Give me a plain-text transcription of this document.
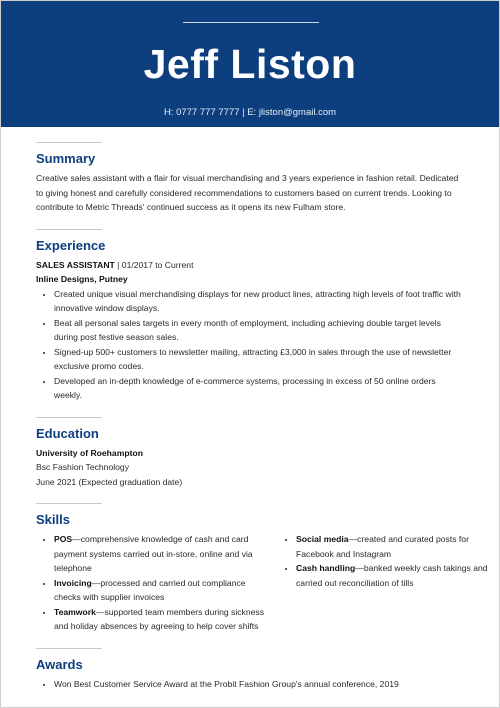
Jeff Liston
H: 0777 777 7777 | E: jliston@gmail.com
Summary
Creative sales assistant with a flair for visual merchandising and 3 years experience in fashion retail. Dedicated to giving honest and carefully considered recommendations to customers based on current trends. Looking to contribute to Metric Threads' continued success as it opens its new Fulham store.
Experience
SALES ASSISTANT | 01/2017 to Current
Inline Designs, Putney
• Created unique visual merchandising displays for new product lines, attracting high levels of foot traffic with innovative window displays.
• Beat all personal sales targets in every month of employment, including achieving double target levels during post festive season sales.
• Signed-up 500+ customers to newsletter mailing, attracting £3,000 in sales through the use of newsletter exclusive promo codes.
• Developed an in-depth knowledge of e-commerce systems, processing in excess of 50 online orders weekly.
Education
University of Roehampton
Bsc Fashion Technology
June 2021 (Expected graduation date)
Skills
• POS—comprehensive knowledge of cash and card payment systems carried out in-store, online and via telephone
• Invoicing—processed and carried out compliance checks with supplier invoices
• Teamwork—supported team members during sickness and holiday absences by agreeing to help cover shifts
• Social media—created and curated posts for Facebook and Instagram
• Cash handling—banked weekly cash takings and carried out reconciliation of tills
Awards
• Won Best Customer Service Award at the Probit Fashion Group's annual conference, 2019
